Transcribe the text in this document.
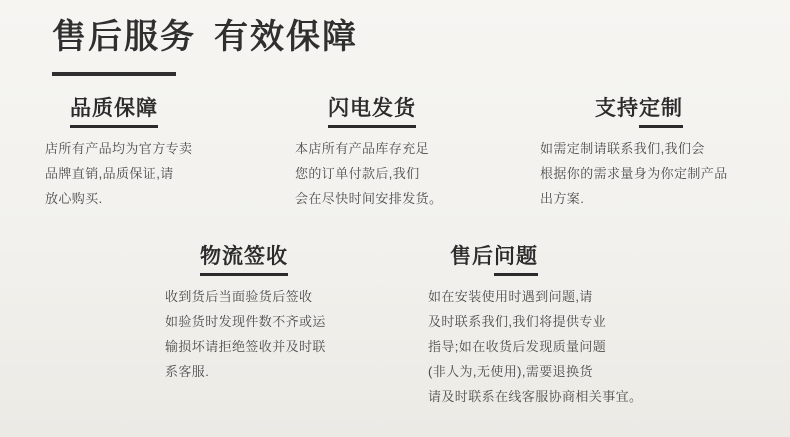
售后服务 有效保障
品质保障
店所有产品均为官方专卖
品牌直销,品质保证,请
放心购买.
闪电发货
本店所有产品库存充足
您的订单付款后,我们
会在尽快时间安排发货。
支持定制
如需定制请联系我们,我们会
根据你的需求量身为你定制产品
出方案.
物流签收
收到货后当面验货后签收
如验货时发现件数不齐或运
输损坏请拒绝签收并及时联
系客服.
售后问题
如在安装使用时遇到问题,请
及时联系我们,我们将提供专业
指导;如在收货后发现质量问题
(非人为,无使用),需要退换货
请及时联系在线客服协商相关事宜。
